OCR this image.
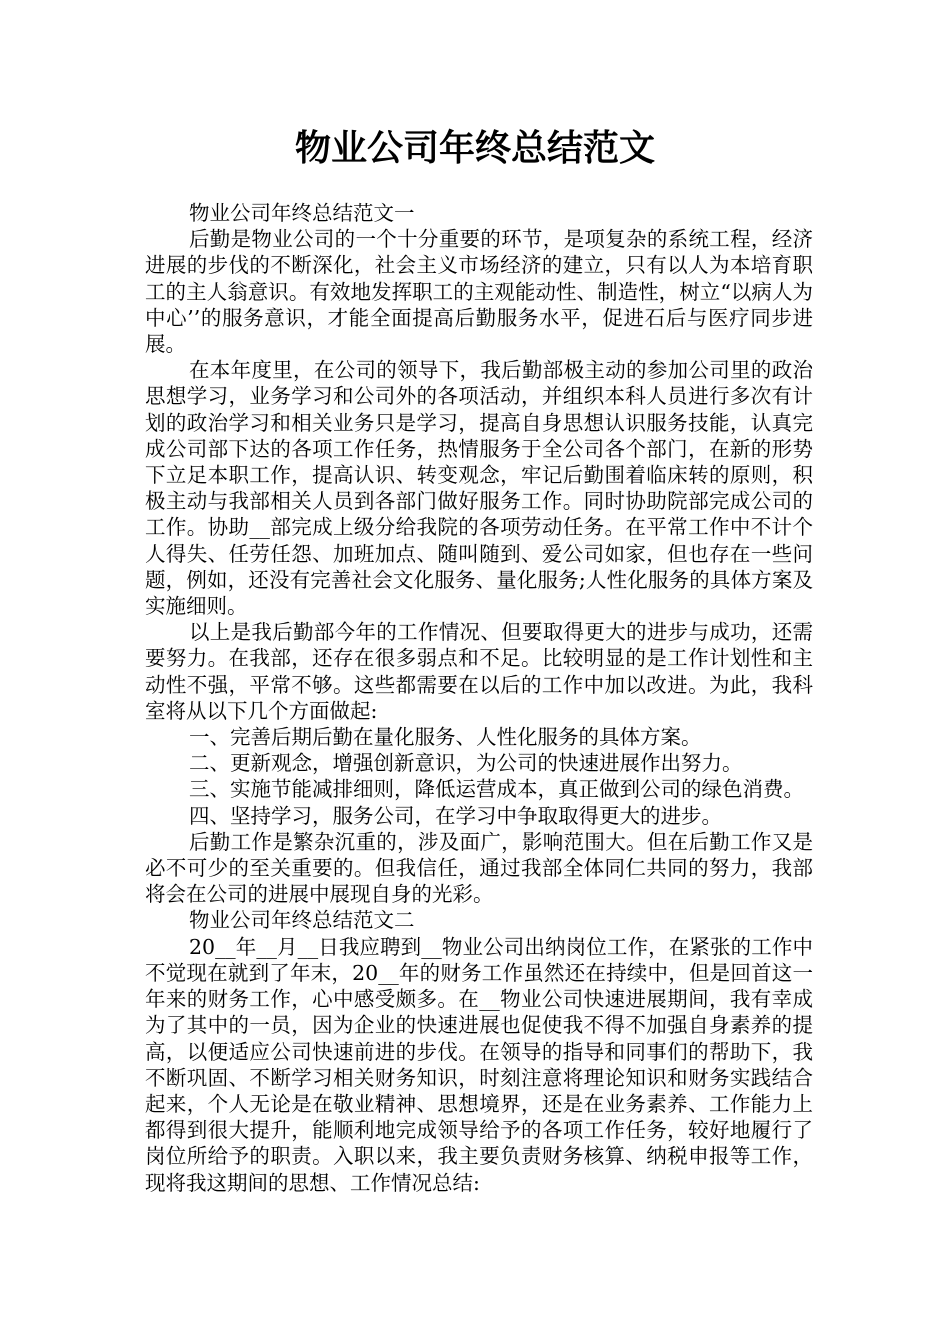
物业公司年终总结范文

物业公司年终总结范文一

后勤是物业公司的一个十分重要的环节，是项复杂的系统工程，经济进展的步伐的不断深化，社会主义市场经济的建立，只有以人为本培育职工的主人翁意识。有效地发挥职工的主观能动性、制造性，树立“以病人为中心’’的服务意识，才能全面提高后勤服务水平，促进石后与医疗同步进展。

在本年度里，在公司的领导下，我后勤部极主动的参加公司里的政治思想学习，业务学习和公司外的各项活动，并组织本科人员进行多次有计划的政治学习和相关业务只是学习，提高自身思想认识服务技能，认真完成公司部下达的各项工作任务，热情服务于全公司各个部门，在新的形势下立足本职工作，提高认识、转变观念，牢记后勤围着临床转的原则，积极主动与我部相关人员到各部门做好服务工作。同时协助院部完成公司的工作。协助__部完成上级分给我院的各项劳动任务。在平常工作中不计个人得失、任劳任怨、加班加点、随叫随到、爱公司如家，但也存在一些问题，例如，还没有完善社会文化服务、量化服务;人性化服务的具体方案及实施细则。

以上是我后勤部今年的工作情况、但要取得更大的进步与成功，还需要努力。在我部，还存在很多弱点和不足。比较明显的是工作计划性和主动性不强，平常不够。这些都需要在以后的工作中加以改进。为此，我科室将从以下几个方面做起:

一、完善后期后勤在量化服务、人性化服务的具体方案。

二、更新观念，增强创新意识，为公司的快速进展作出努力。

三、实施节能减排细则，降低运营成本，真正做到公司的绿色消费。

四、坚持学习，服务公司，在学习中争取取得更大的进步。

后勤工作是繁杂沉重的，涉及面广，影响范围大。但在后勤工作又是必不可少的至关重要的。但我信任，通过我部全体同仁共同的努力，我部将会在公司的进展中展现自身的光彩。

物业公司年终总结范文二

20__年__月__日我应聘到__物业公司出纳岗位工作，在紧张的工作中不觉现在就到了年末，20__年的财务工作虽然还在持续中，但是回首这一年来的财务工作，心中感受颇多。在__物业公司快速进展期间，我有幸成为了其中的一员，因为企业的快速进展也促使我不得不加强自身素养的提高，以便适应公司快速前进的步伐。在领导的指导和同事们的帮助下，我不断巩固、不断学习相关财务知识，时刻注意将理论知识和财务实践结合起来，个人无论是在敬业精神、思想境界，还是在业务素养、工作能力上都得到很大提升，能顺利地完成领导给予的各项工作任务，较好地履行了岗位所给予的职责。入职以来，我主要负责财务核算、纳税申报等工作，现将我这期间的思想、工作情况总结:
